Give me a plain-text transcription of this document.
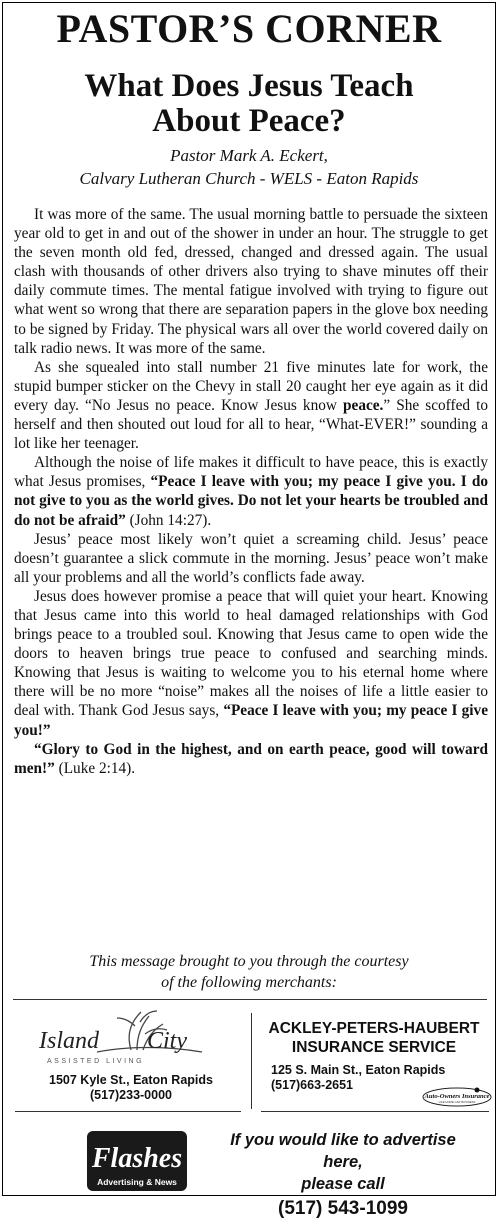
PASTOR’S CORNER
What Does Jesus Teach
About Peace?
Pastor Mark A. Eckert,
Calvary Lutheran Church - WELS - Eaton Rapids

It was more of the same. The usual morning battle to persuade the sixteen year old to get in and out of the shower in under an hour. The struggle to get the seven month old fed, dressed, changed and dressed again. The usual clash with thousands of other drivers also trying to shave minutes off their daily commute times. The mental fatigue involved with trying to figure out what went so wrong that there are separation papers in the glove box needing to be signed by Friday. The physical wars all over the world covered daily on talk radio news. It was more of the same.

As she squealed into stall number 21 five minutes late for work, the stupid bumper sticker on the Chevy in stall 20 caught her eye again as it did every day. “No Jesus no peace. Know Jesus know peace.” She scoffed to herself and then shouted out loud for all to hear, “What-EVER!” sounding a lot like her teenager.

Although the noise of life makes it difficult to have peace, this is exactly what Jesus promises, “Peace I leave with you; my peace I give you. I do not give to you as the world gives. Do not let your hearts be troubled and do not be afraid” (John 14:27).

Jesus’ peace most likely won’t quiet a screaming child. Jesus’ peace doesn’t guarantee a slick commute in the morning. Jesus’ peace won’t make all your problems and all the world’s conflicts fade away.

Jesus does however promise a peace that will quiet your heart. Knowing that Jesus came into this world to heal damaged relationships with God brings peace to a troubled soul. Knowing that Jesus came to open wide the doors to heaven brings true peace to confused and searching minds. Knowing that Jesus is waiting to welcome you to his eternal home where there will be no more “noise” makes all the noises of life a little easier to deal with. Thank God Jesus says, “Peace I leave with you; my peace I give you!”

“Glory to God in the highest, and on earth peace, good will toward men!” (Luke 2:14).

This message brought to you through the courtesy
of the following merchants:
Island City
ASSISTED LIVING
1507 Kyle St., Eaton Rapids
(517)233-0000
ACKLEY-PETERS-HAUBERT
INSURANCE SERVICE
125 S. Main St., Eaton Rapids
(517)663-2651
Auto-Owners Insurance
LIFE HOME CAR BUSINESS
Flashes
Advertising & News
If you would like to advertise here,
please call
(517) 543-1099
